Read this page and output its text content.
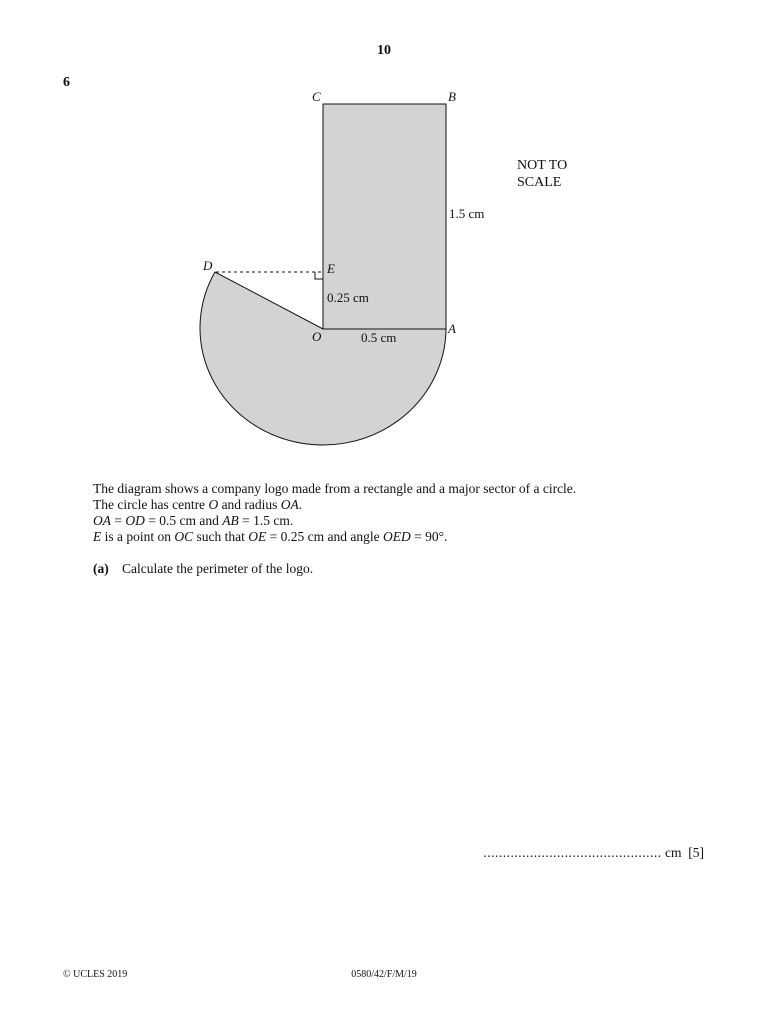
10
6
C	B
D	E
O
A
1.5 cm
0.25 cm
0.5 cm
NOT TO
SCALE

The diagram shows a company logo made from a rectangle and a major sector of a circle.

The circle has centre O and radius OA.

OA = OD = 0.5 cm and AB = 1.5 cm.

E is a point on OC such that OE = 0.25 cm and angle OED = 90°.

(a) Calculate the perimeter of the logo.
.............................................. cm [5]
© UCLES 2019	0580/42/F/M/19
